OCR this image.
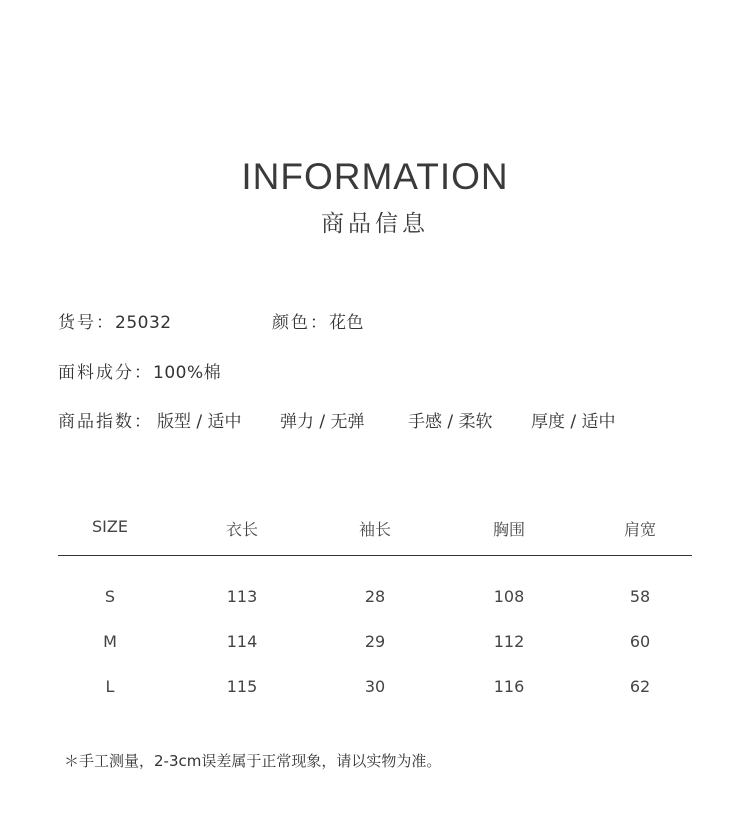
INFORMATION
商品信息
货号：25032	颜色：花色
面料成分：100%棉
商品指数： 版型 / 适中 弹力 / 无弹	手感 / 柔软 厚度 / 适中
SIZE	衣长	袖长	胸围	肩宽
S	113	28	108	58
M	114	29	112	60
L	115	30	116	62
＊手工测量，2-3cm误差属于正常现象，请以实物为准。
